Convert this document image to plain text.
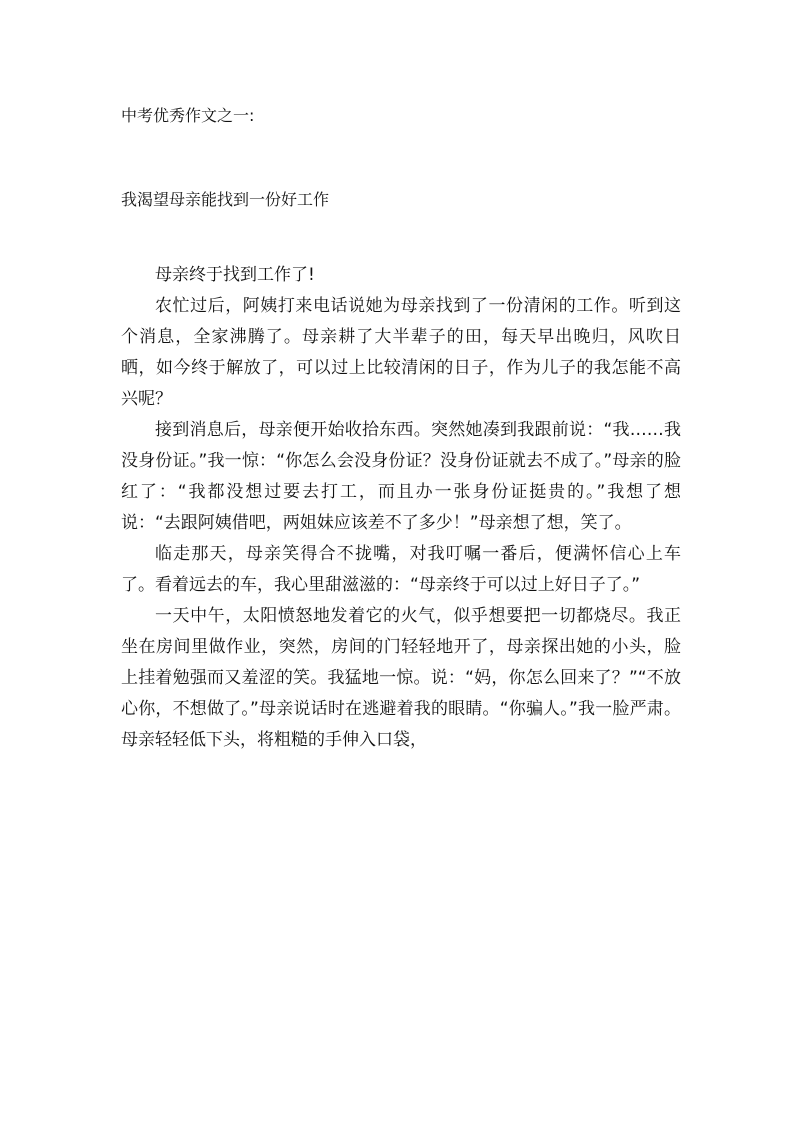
中考优秀作文之一:
我渴望母亲能找到一份好工作

母亲终于找到工作了!

农忙过后，阿姨打来电话说她为母亲找到了一份清闲的工作。听到这个消息，全家沸腾了。母亲耕了大半辈子的田，每天早出晚归，风吹日晒，如今终于解放了，可以过上比较清闲的日子，作为儿子的我怎能不高兴呢？

接到消息后，母亲便开始收拾东西。突然她凑到我跟前说：“我……我没身份证。”我一惊：“你怎么会没身份证？没身份证就去不成了。”母亲的脸红了：“我都没想过要去打工，而且办一张身份证挺贵的。”我想了想说：“去跟阿姨借吧，两姐妹应该差不了多少！”母亲想了想，笑了。

临走那天，母亲笑得合不拢嘴，对我叮嘱一番后，便满怀信心上车了。看着远去的车，我心里甜滋滋的：“母亲终于可以过上好日子了。”

一天中午，太阳愤怒地发着它的火气，似乎想要把一切都烧尽。我正坐在房间里做作业，突然，房间的门轻轻地开了，母亲探出她的小头，脸上挂着勉强而又羞涩的笑。我猛地一惊。说：“妈，你怎么回来了？”“不放心你，不想做了。”母亲说话时在逃避着我的眼睛。“你骗人。”我一脸严肃。母亲轻轻低下头，将粗糙的手伸入口袋，
